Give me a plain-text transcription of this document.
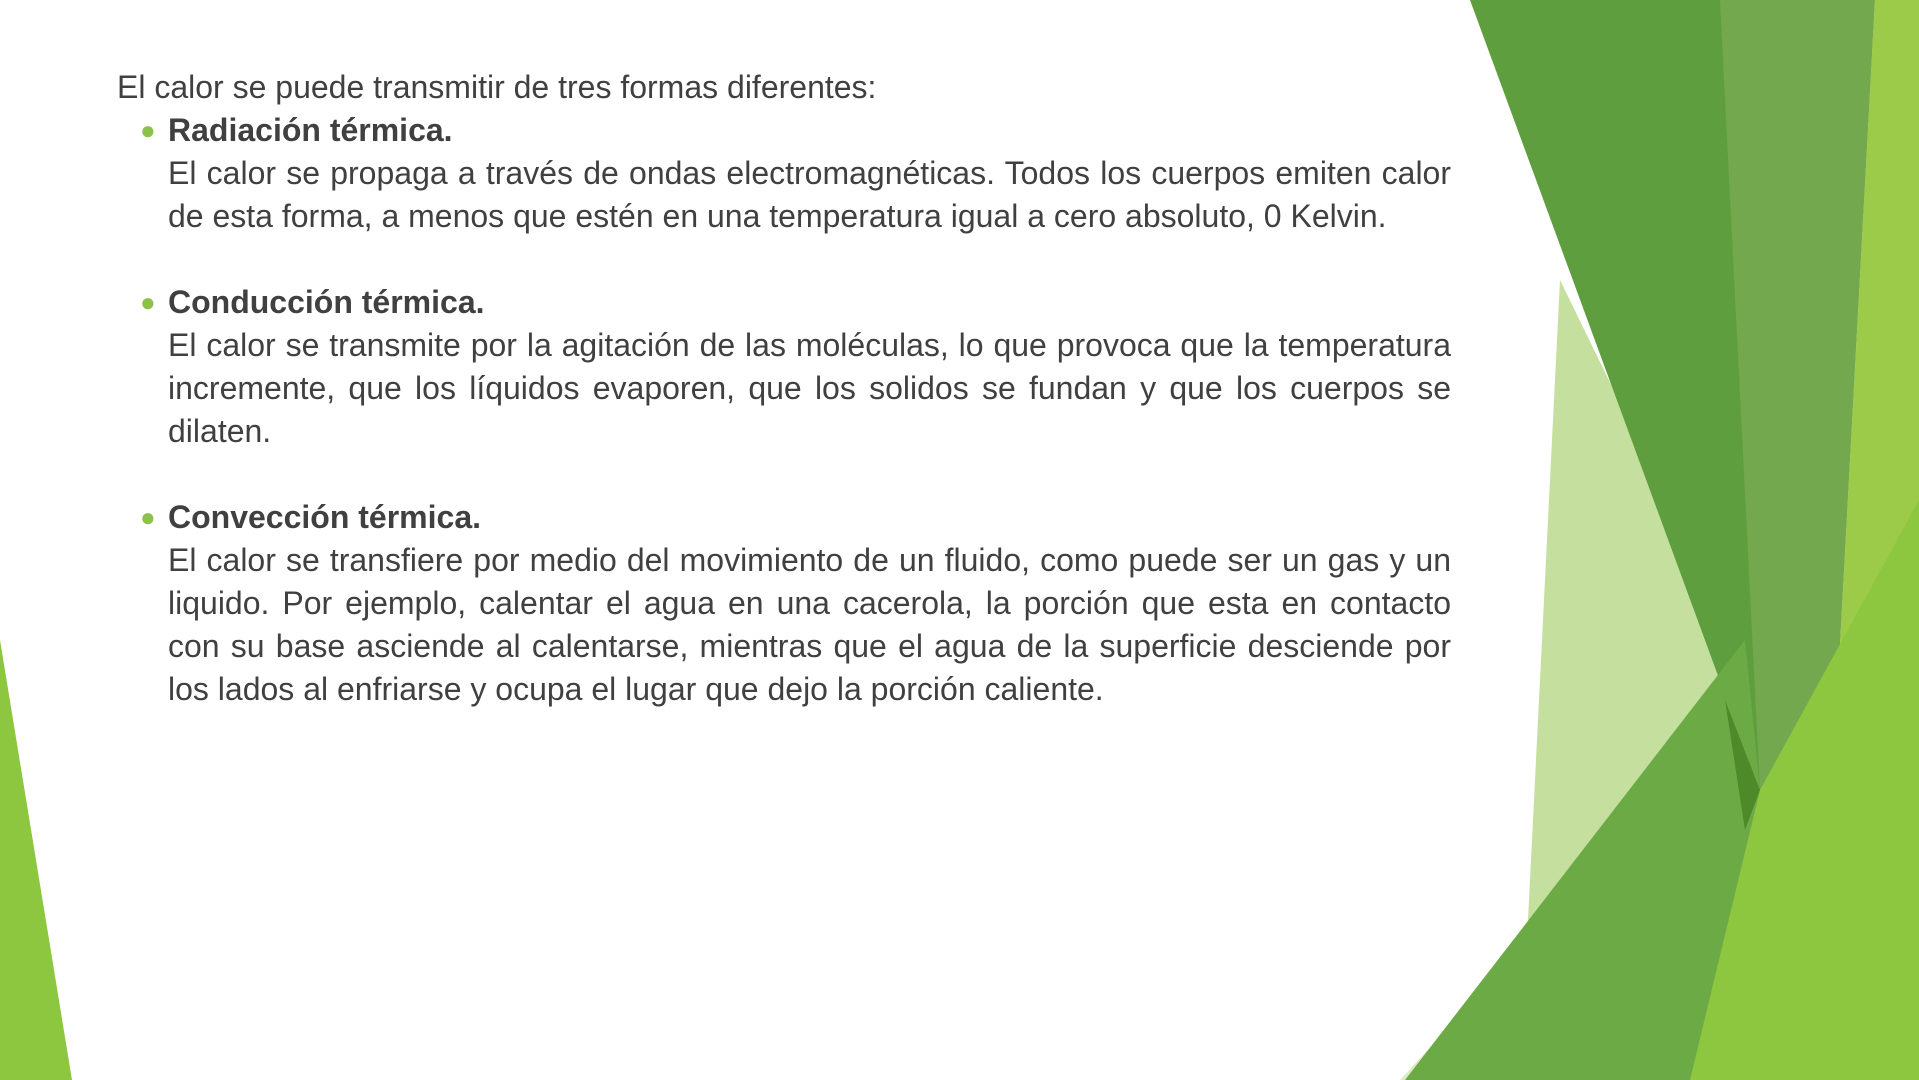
El calor se puede transmitir de tres formas diferentes:

● Radiación térmica.
El calor se propaga a través de ondas electromagnéticas. Todos los cuerpos emiten calor de esta forma, a menos que estén en una temperatura igual a cero absoluto, 0 Kelvin.
● Conducción térmica.
El calor se transmite por la agitación de las moléculas, lo que provoca que la temperatura incremente, que los líquidos evaporen, que los solidos se fundan y que los cuerpos se dilaten.
● Convección térmica.
El calor se transfiere por medio del movimiento de un fluido, como puede ser un gas y un liquido. Por ejemplo, calentar el agua en una cacerola, la porción que esta en contacto con su base asciende al calentarse, mientras que el agua de la superficie desciende por los lados al enfriarse y ocupa el lugar que dejo la porción caliente.
